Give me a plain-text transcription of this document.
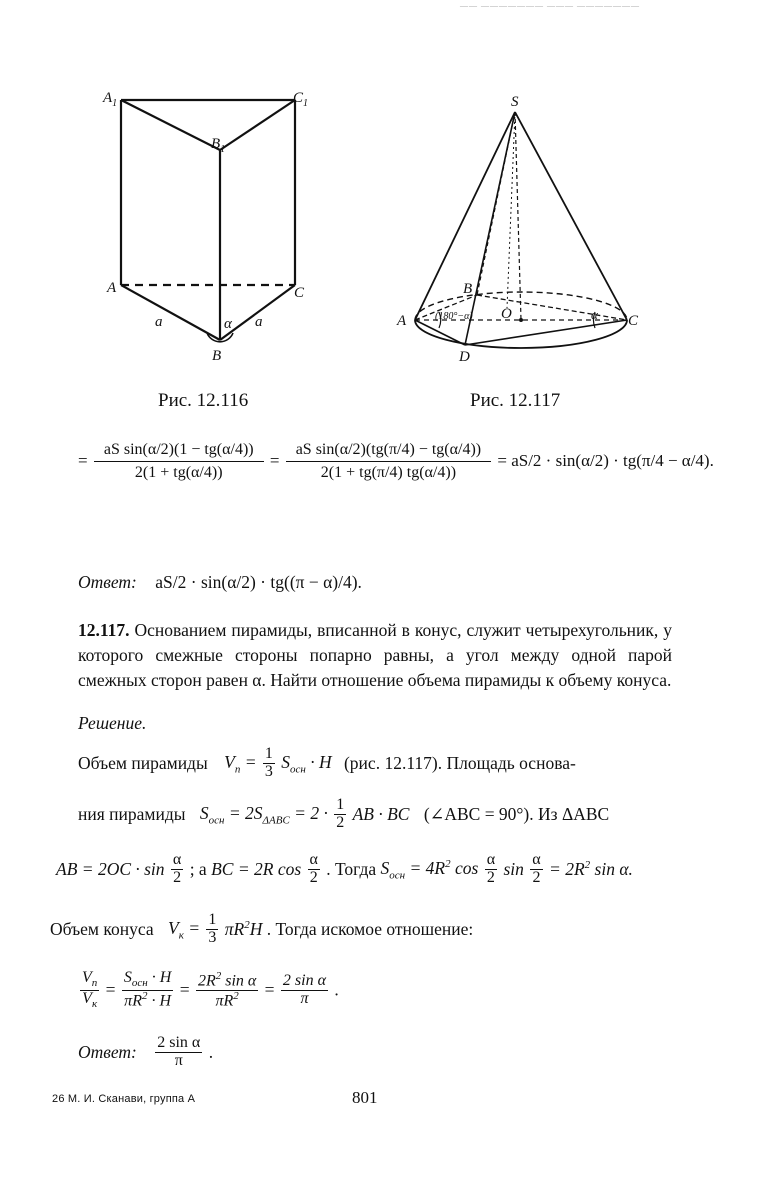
—— ——————— ——— ———————
$A_1$	$C_1$
$B_1$
A	C
B
a	a
α
Рис. 12.116
S
A
B
C
D
O
(180°−α)	α
Рис. 12.117
= $\frac{\text{aS sin(α/2)(1 − tg(α/4))}}{2(1 + tg(\alpha/4))} = \frac{\text{aS sin(α/2)(tg(π/4) − tg(α/4))}}{2(1 + tg(\pi/4) tg(\alpha/4))} = aS/2 \cdot \sin(\alpha/2) \cdot tg(\pi/4 - \alpha/4)$.
Ответ: aS/2 · sin(α/2) · tg((π − α)/4).
12.117. Основанием пирамиды, вписанной в конус, служит четырехугольник, у которого смежные стороны попарно равны, а угол между одной парой смежных сторон равен α. Найти отношение объема пирамиды к объему конуса.
Решение.
Объем пирамиды $V_п = \frac{1}{3} S_{осн} \cdot H$ (рис. 12.117). Площадь основа-
ния пирамиды $S_{осн} = 2S_{\Delta ABC} = 2 \cdot \frac{1}{2}$ AB · BC (∠ABC = 90°). Из ΔABC
AB = $2OC \cdot \sin \frac{\alpha}{2}$ ; а BC = 2R $\cos \frac{\alpha}{2}$ . Тогда $S_{осн} = 4R^2$ $\cos \frac{\alpha}{2}$ $\sin \frac{\alpha}{2} = 2R^2$ sin α.
Объем конуса $V_к = \frac{1}{3} \pi R^2H$ . Тогда искомое отношение:
$\frac{V_п}{V_к} = \frac{S_{осн} \cdot H}{\pi R^2 \cdot H} = \frac{2R^2 \sin \alpha}{\pi R^2} = \frac{\text{2 sin α}}{\pi}$ .
Ответ: $\frac{\text{2 sin α}}{\pi}$ .
26 М. И. Сканави, группа А	801
